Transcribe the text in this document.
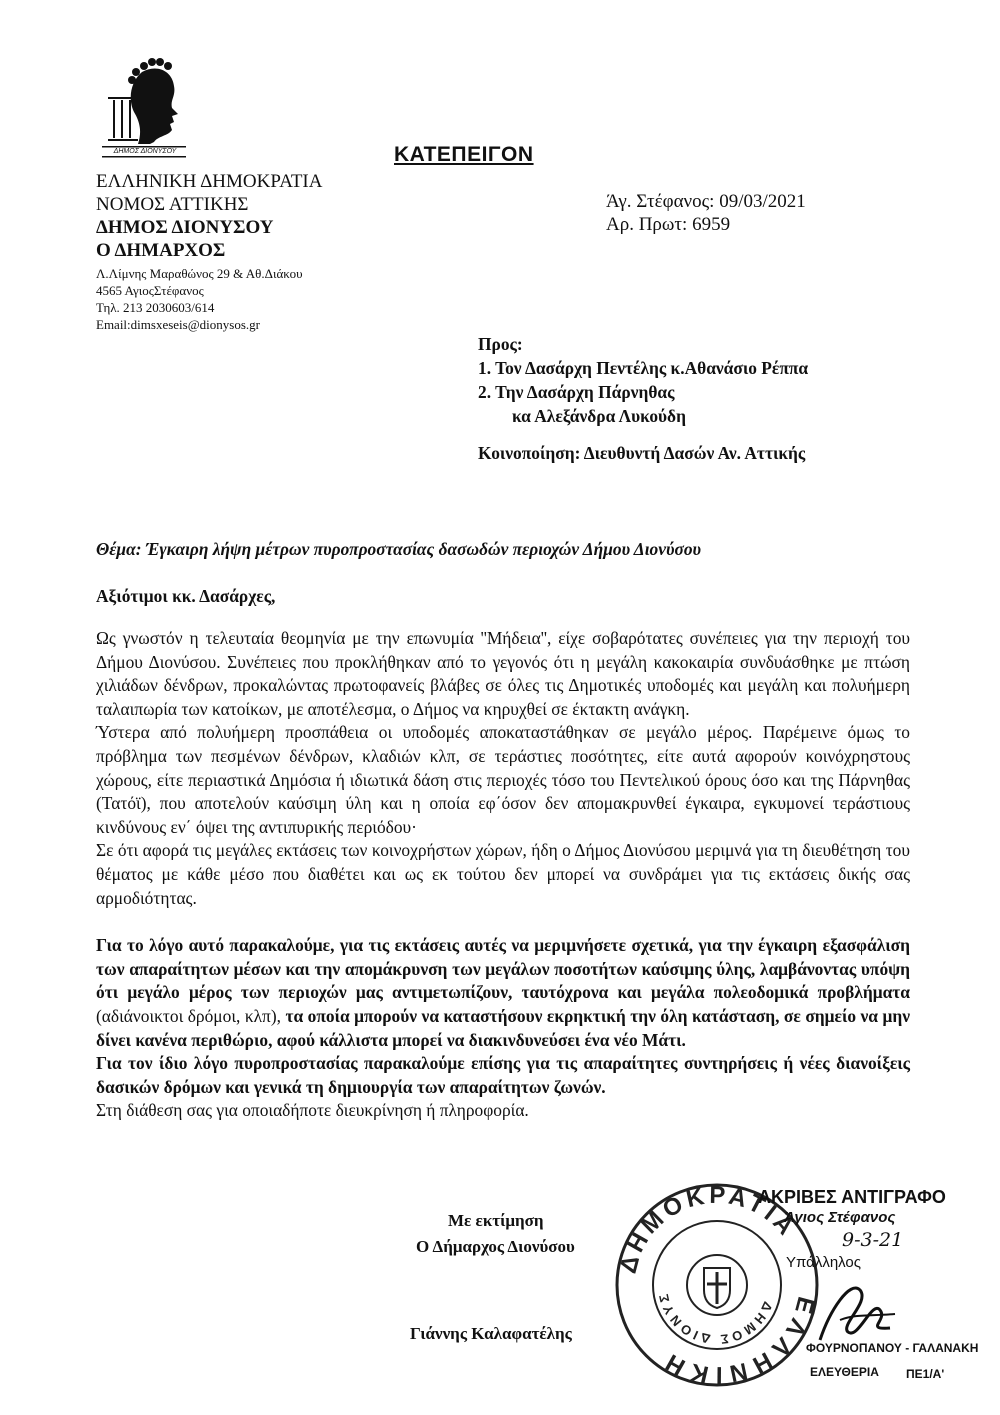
ΔΗΜΟΣ ΔΙΟΝΥΣΟΥ	ΚΑΤΕΠΕΙΓΟΝ
ΕΛΛΗΝΙΚΗ ΔΗΜΟΚΡΑΤΙΑ
ΝΟΜΟΣ ΑΤΤΙΚΗΣ
ΔΗΜΟΣ ΔΙΟΝΥΣΟΥ
Ο ΔΗΜΑΡΧΟΣ
Λ.Λίμνης Μαραθώνος 29 & Αθ.Διάκου
4565 ΑγιοςΣτέφανος
Τηλ. 213 2030603/614
Email:dimsxeseis@dionysos.gr
Άγ. Στέφανος: 09/03/2021
Αρ. Πρωτ: 6959
Προς:
1. Τον Δασάρχη Πεντέλης κ.Αθανάσιο Ρέππα
2. Την Δασάρχη Πάρνηθας
κα Αλεξάνδρα Λυκούδη
Κοινοποίηση: Διευθυντή Δασών Αν. Αττικής
Θέμα: Έγκαιρη λήψη μέτρων πυροπροστασίας δασωδών περιοχών Δήμου Διονύσου
Αξιότιμοι κκ. Δασάρχες,

Ως γνωστόν η τελευταία θεομηνία με την επωνυμία ''Μήδεια'', είχε σοβαρότατες συνέπειες για την περιοχή του Δήμου Διονύσου. Συνέπειες που προκλήθηκαν από το γεγονός ότι η μεγάλη κακοκαιρία συνδυάσθηκε με πτώση χιλιάδων δένδρων, προκαλώντας πρωτοφανείς βλάβες σε όλες τις Δημοτικές υποδομές και μεγάλη και πολυήμερη ταλαιπωρία των κατοίκων, με αποτέλεσμα, ο Δήμος να κηρυχθεί σε έκτακτη ανάγκη.

Ύστερα από πολυήμερη προσπάθεια οι υποδομές αποκαταστάθηκαν σε μεγάλο μέρος. Παρέμεινε όμως το πρόβλημα των πεσμένων δένδρων, κλαδιών κλπ, σε τεράστιες ποσότητες, είτε αυτά αφορούν κοινόχρηστους χώρους, είτε περιαστικά Δημόσια ή ιδιωτικά δάση στις περιοχές τόσο του Πεντελικού όρους όσο και της Πάρνηθας (Τατόϊ), που αποτελούν καύσιμη ύλη και η οποία εφ΄όσον δεν απομακρυνθεί έγκαιρα, εγκυμονεί τεράστιους κινδύνους εν΄ όψει της αντιπυρικής περιόδου·

Σε ότι αφορά τις μεγάλες εκτάσεις των κοινοχρήστων χώρων, ήδη ο Δήμος Διονύσου μεριμνά για τη διευθέτηση του θέματος με κάθε μέσο που διαθέτει και ως εκ τούτου δεν μπορεί να συνδράμει για τις εκτάσεις δικής σας αρμοδιότητας.

Για το λόγο αυτό παρακαλούμε, για τις εκτάσεις αυτές να μεριμνήσετε σχετικά, για την έγκαιρη εξασφάλιση των απαραίτητων μέσων και την απομάκρυνση των μεγάλων ποσοτήτων καύσιμης ύλης, λαμβάνοντας υπόψη ότι μεγάλο μέρος των περιοχών μας αντιμετωπίζουν, ταυτόχρονα και μεγάλα πολεοδομικά προβλήματα (αδιάνοικτοι δρόμοι, κλπ), τα οποία μπορούν να καταστήσουν εκρηκτική την όλη κατάσταση, σε σημείο να μην δίνει κανένα περιθώριο, αφού κάλλιστα μπορεί να διακινδυνεύσει ένα νέο Μάτι.

Για τον ίδιο λόγο πυροπροστασίας παρακαλούμε επίσης για τις απαραίτητες συντηρήσεις ή νέες διανοίξεις δασικών δρόμων και γενικά τη δημιουργία των απαραίτητων ζωνών.

Στη διάθεση σας για οποιαδήποτε διευκρίνηση ή πληροφορία.

Με εκτίμηση
Ο Δήμαρχος Διονύσου
Γιάννης Καλαφατέλης
ΕΛΛΗΝΙΚΗ
ΔΗΜΟΚΡΑΤΙΑ
ΔΗΜΟΣ ΔΙΟΝΥΣ
ΑΚΡΙΒΕΣ ΑΝΤΙΓΡΑΦΟ
Άγιος Στέφανος
9-3-21
Υπάλληλος
ΦΟΥΡΝΟΠΑΝΟΥ - ΓΑΛΑΝΑΚΗ
ΕΛΕΥΘΕΡΙΑ ΠΕ1/Α'
